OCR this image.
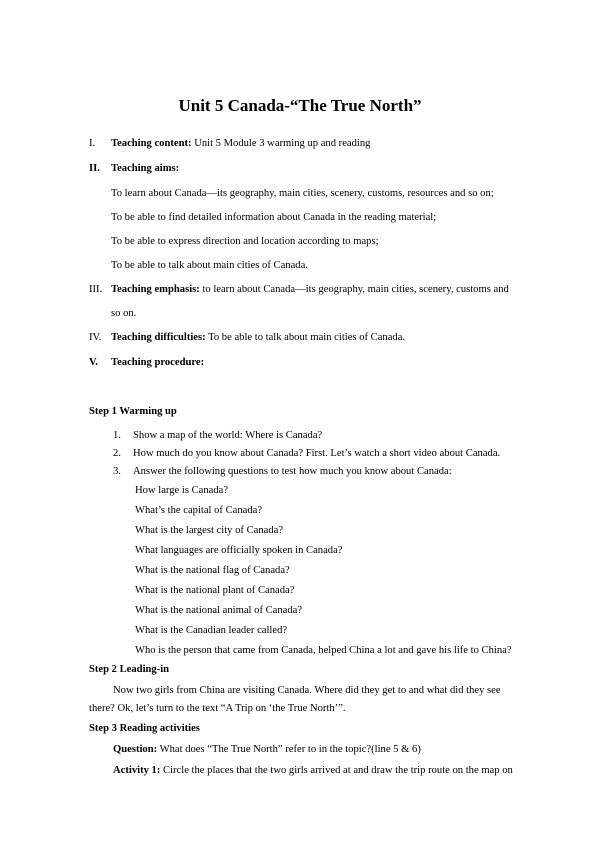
Unit 5 Canada-“The True North”
I. Teaching content: Unit 5 Module 3 warming up and reading
II. Teaching aims:
To learn about Canada—its geography, main cities, scenery, customs, resources and so on;
To be able to find detailed information about Canada in the reading material;
To be able to express direction and location according to maps;
To be able to talk about main cities of Canada.
III. Teaching emphasis: to learn about Canada—its geography, main cities, scenery, customs and
so on.
IV. Teaching difficulties: To be able to talk about main cities of Canada.
V. Teaching procedure:
Step 1 Warming up
1. Show a map of the world: Where is Canada?
2. How much do you know about Canada? First. Let’s watch a short video about Canada.
3. Answer the following questions to test how much you know about Canada:
How large is Canada?
What’s the capital of Canada?
What is the largest city of Canada?
What languages are officially spoken in Canada?
What is the national flag of Canada?
What is the national plant of Canada?
What is the national animal of Canada?
What is the Canadian leader called?
Who is the person that came from Canada, helped China a lot and gave his life to China?
Step 2 Leading-in
Now two girls from China are visiting Canada. Where did they get to and what did they see
there? Ok, let’s turn to the text “A Trip on ‘the True North’”.
Step 3 Reading activities
Question: What does “The True North” refer to in the topic?(line 5 & 6)
Activity 1: Circle the places that the two girls arrived at and draw the trip route on the map on
